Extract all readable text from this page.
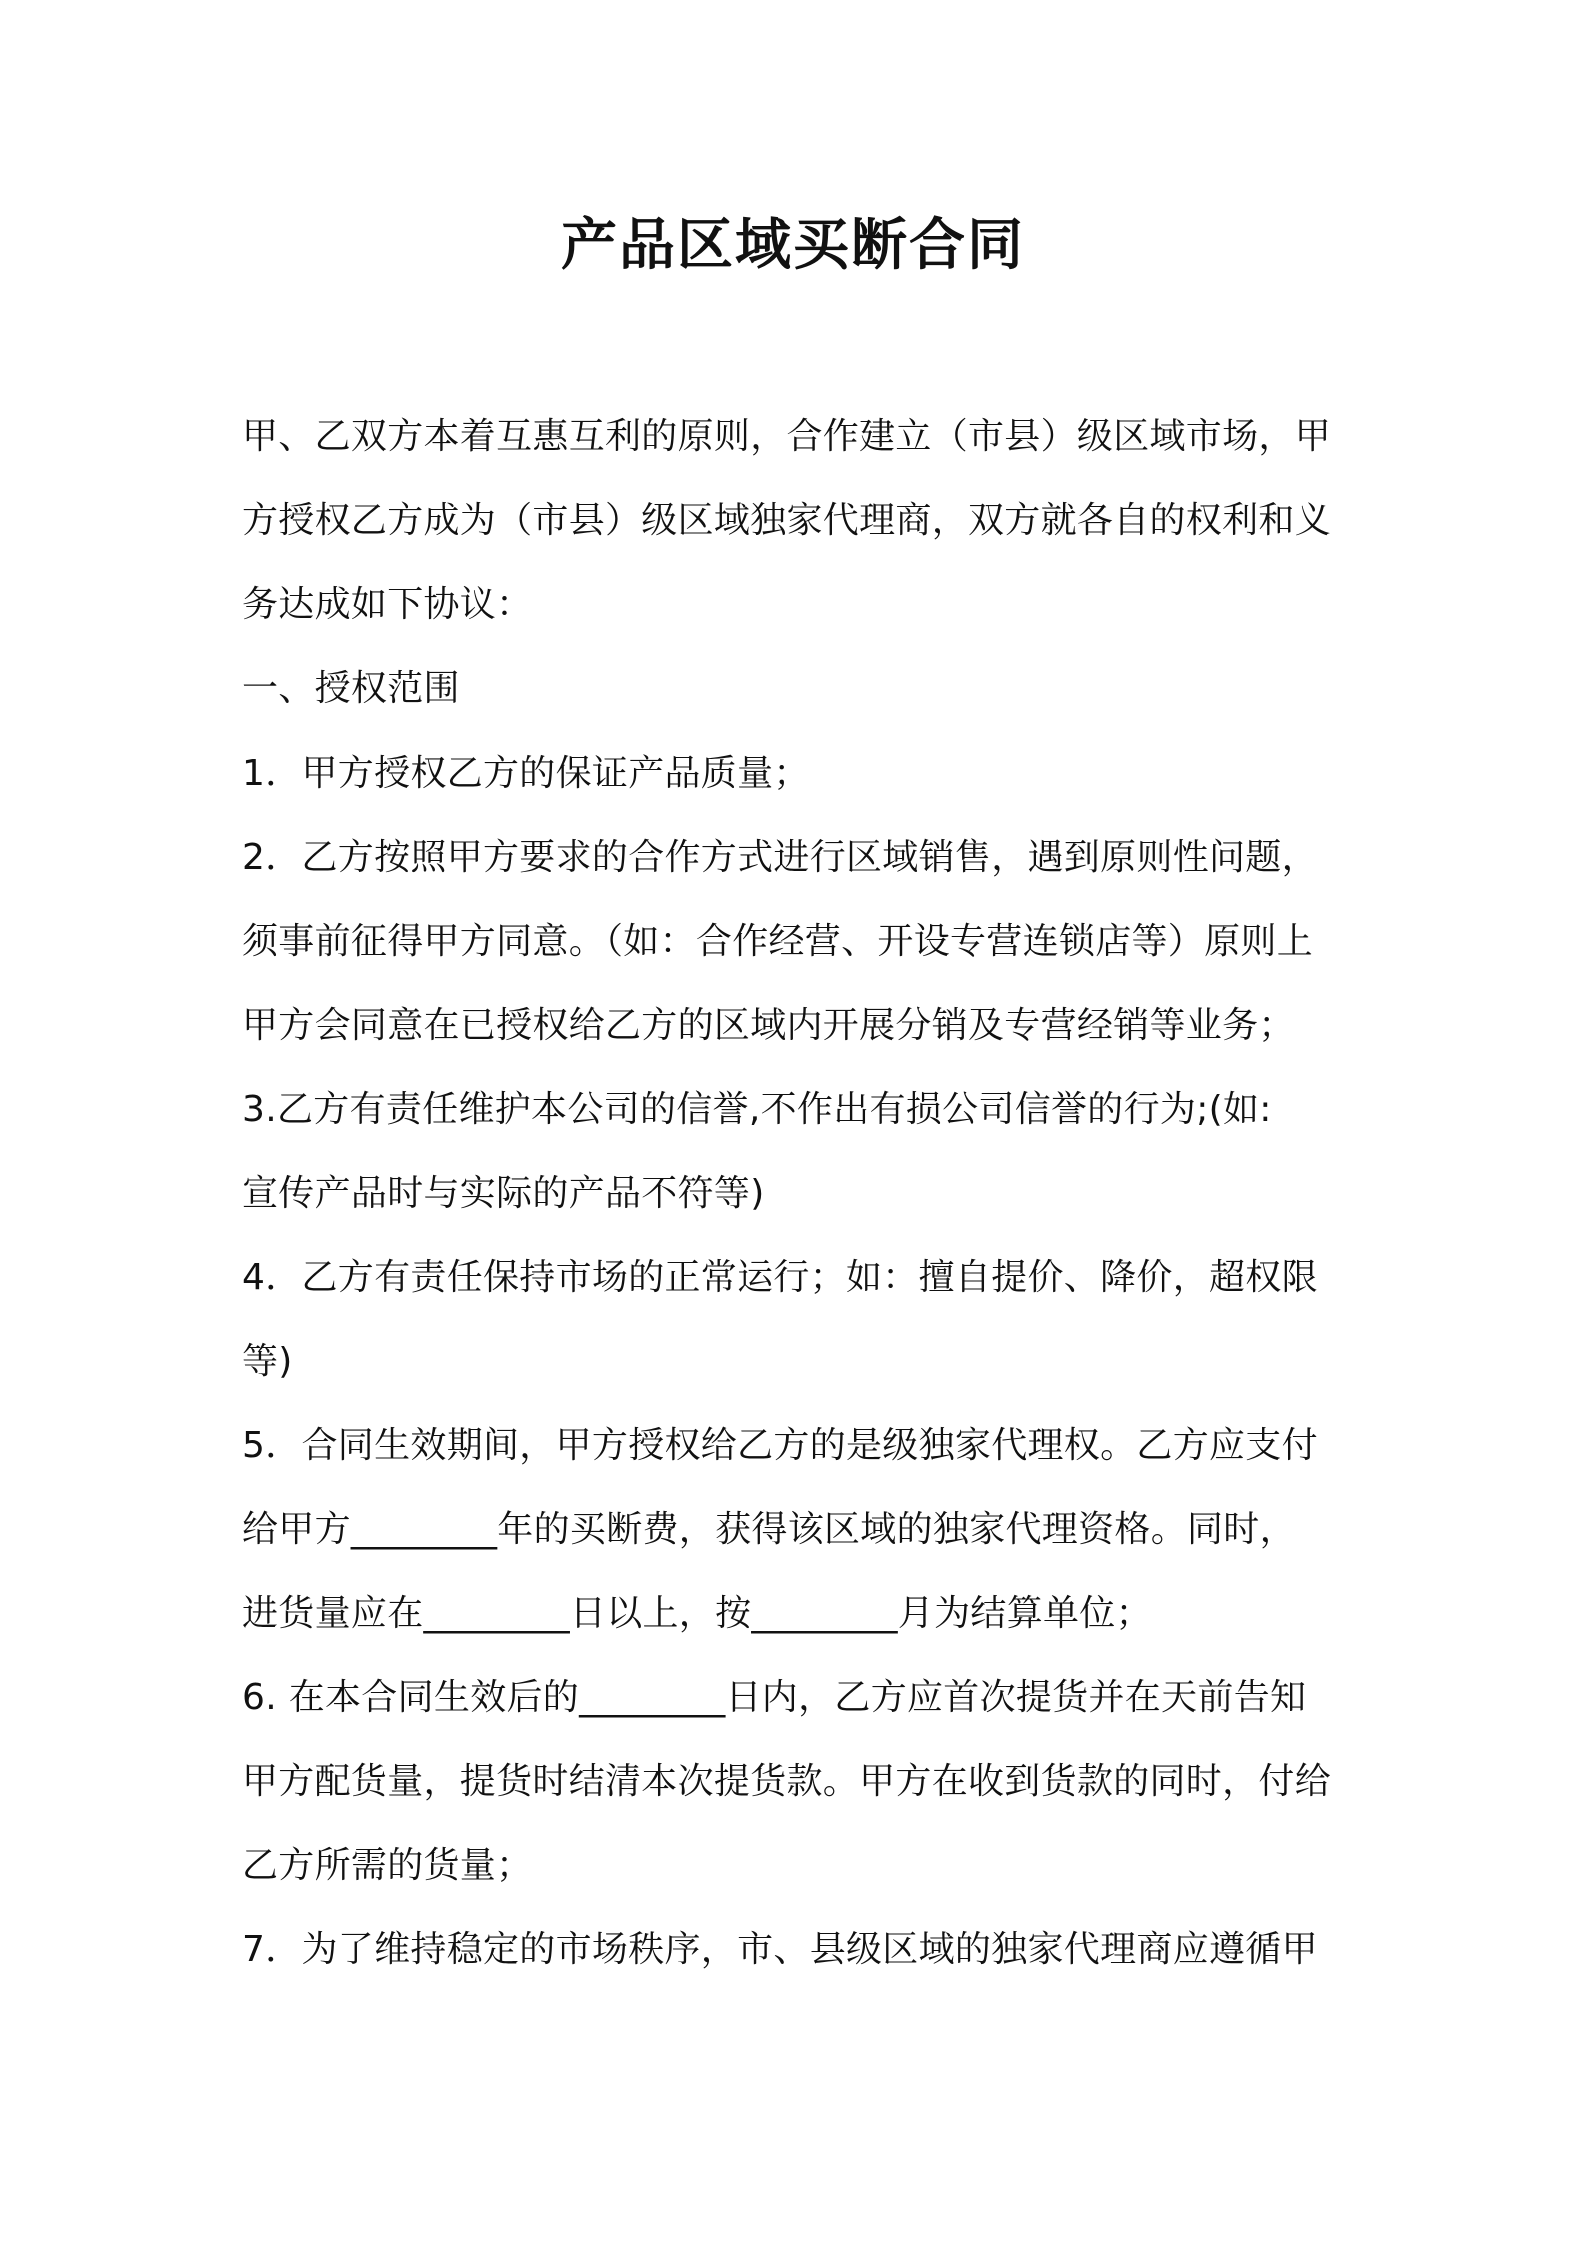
产品区域买断合同
甲、乙双方本着互惠互利的原则，合作建立（市县）级区域市场，甲
方授权乙方成为（市县）级区域独家代理商，双方就各自的权利和义
务达成如下协议：
一、授权范围
1．甲方授权乙方的保证产品质量；
2．乙方按照甲方要求的合作方式进行区域销售，遇到原则性问题，
须事前征得甲方同意。（如：合作经营、开设专营连锁店等）原则上
甲方会同意在已授权给乙方的区域内开展分销及专营经销等业务；
3.乙方有责任维护本公司的信誉,不作出有损公司信誉的行为;(如:
宣传产品时与实际的产品不符等)
4．乙方有责任保持市场的正常运行；如：擅自提价、降价，超权限
等)
5．合同生效期间，甲方授权给乙方的是级独家代理权。乙方应支付
给甲方________年的买断费，获得该区域的独家代理资格。同时，
进货量应在________日以上，按________月为结算单位；
6. 在本合同生效后的________日内，乙方应首次提货并在天前告知
甲方配货量，提货时结清本次提货款。甲方在收到货款的同时，付给
乙方所需的货量；
7．为了维持稳定的市场秩序，市、县级区域的独家代理商应遵循甲
